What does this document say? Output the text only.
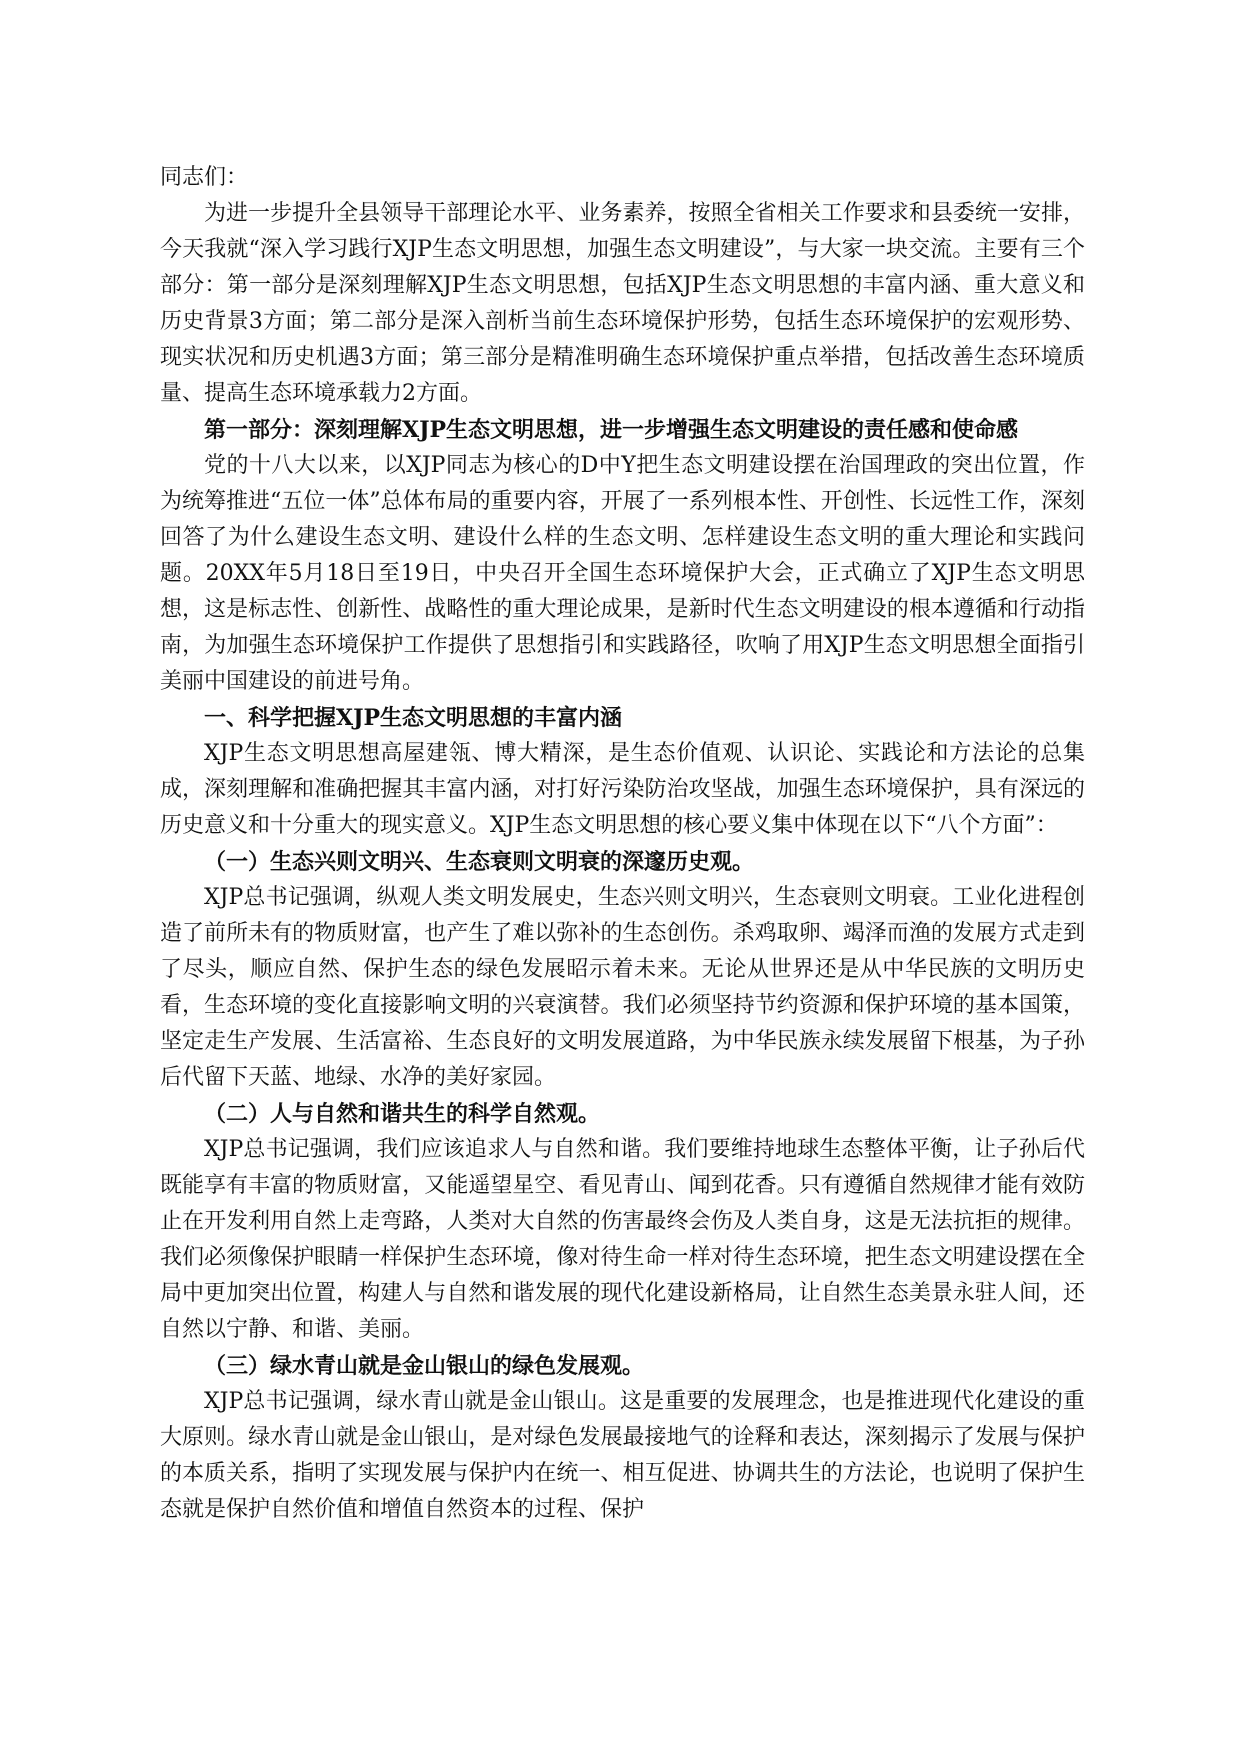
同志们：

为进一步提升全县领导干部理论水平、业务素养，按照全省相关工作要求和县委统一安排，今天我就“深入学习践行XJP生态文明思想，加强生态文明建设”，与大家一块交流。主要有三个部分：第一部分是深刻理解XJP生态文明思想，包括XJP生态文明思想的丰富内涵、重大意义和历史背景3方面；第二部分是深入剖析当前生态环境保护形势，包括生态环境保护的宏观形势、现实状况和历史机遇3方面；第三部分是精准明确生态环境保护重点举措，包括改善生态环境质量、提高生态环境承载力2方面。

第一部分：深刻理解XJP生态文明思想，进一步增强生态文明建设的责任感和使命感

党的十八大以来，以XJP同志为核心的D中Y把生态文明建设摆在治国理政的突出位置，作为统筹推进“五位一体”总体布局的重要内容，开展了一系列根本性、开创性、长远性工作，深刻回答了为什么建设生态文明、建设什么样的生态文明、怎样建设生态文明的重大理论和实践问题。20XX年5月18日至19日，中央召开全国生态环境保护大会，正式确立了XJP生态文明思想，这是标志性、创新性、战略性的重大理论成果，是新时代生态文明建设的根本遵循和行动指南，为加强生态环境保护工作提供了思想指引和实践路径，吹响了用XJP生态文明思想全面指引美丽中国建设的前进号角。

一、科学把握XJP生态文明思想的丰富内涵

XJP生态文明思想高屋建瓴、博大精深，是生态价值观、认识论、实践论和方法论的总集成，深刻理解和准确把握其丰富内涵，对打好污染防治攻坚战，加强生态环境保护，具有深远的历史意义和十分重大的现实意义。XJP生态文明思想的核心要义集中体现在以下“八个方面”：

（一）生态兴则文明兴、生态衰则文明衰的深邃历史观。

XJP总书记强调，纵观人类文明发展史，生态兴则文明兴，生态衰则文明衰。工业化进程创造了前所未有的物质财富，也产生了难以弥补的生态创伤。杀鸡取卵、竭泽而渔的发展方式走到了尽头，顺应自然、保护生态的绿色发展昭示着未来。无论从世界还是从中华民族的文明历史看，生态环境的变化直接影响文明的兴衰演替。我们必须坚持节约资源和保护环境的基本国策，坚定走生产发展、生活富裕、生态良好的文明发展道路，为中华民族永续发展留下根基，为子孙后代留下天蓝、地绿、水净的美好家园。

（二）人与自然和谐共生的科学自然观。

XJP总书记强调，我们应该追求人与自然和谐。我们要维持地球生态整体平衡，让子孙后代既能享有丰富的物质财富，又能遥望星空、看见青山、闻到花香。只有遵循自然规律才能有效防止在开发利用自然上走弯路，人类对大自然的伤害最终会伤及人类自身，这是无法抗拒的规律。我们必须像保护眼睛一样保护生态环境，像对待生命一样对待生态环境，把生态文明建设摆在全局中更加突出位置，构建人与自然和谐发展的现代化建设新格局，让自然生态美景永驻人间，还自然以宁静、和谐、美丽。

（三）绿水青山就是金山银山的绿色发展观。

XJP总书记强调，绿水青山就是金山银山。这是重要的发展理念，也是推进现代化建设的重大原则。绿水青山就是金山银山，是对绿色发展最接地气的诠释和表达，深刻揭示了发展与保护的本质关系，指明了实现发展与保护内在统一、相互促进、协调共生的方法论，也说明了保护生态就是保护自然价值和增值自然资本的过程、保护
